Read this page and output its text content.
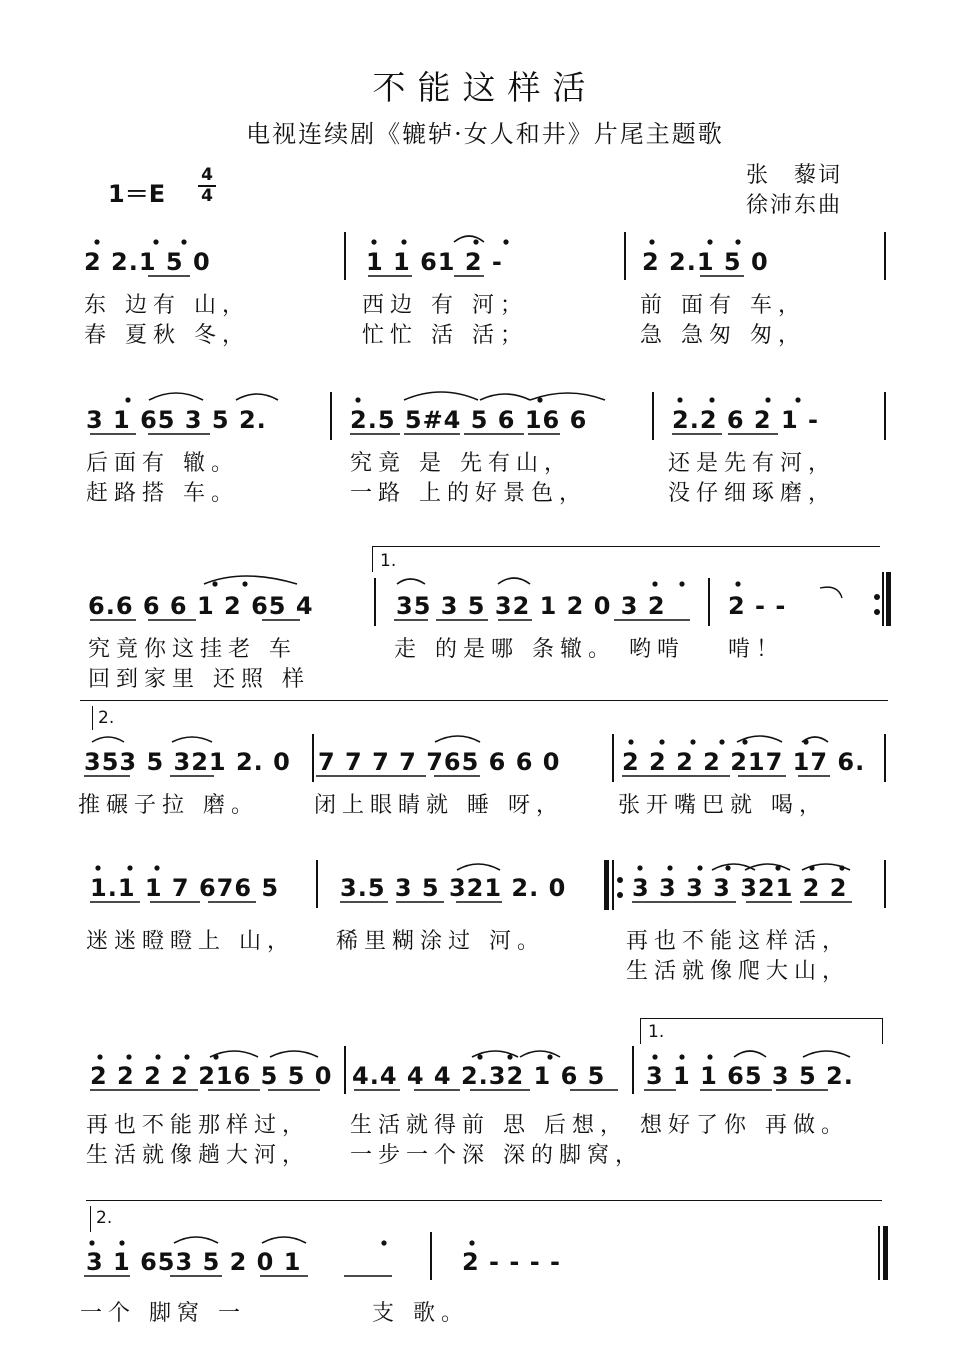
不能这样活
电视连续剧《辘轳·女人和井》片尾主题歌
1＝E
4
4
张　藜词
徐沛东曲
2 2.1 5 0	1 1 61 2 -	2 2.1 5 0
东 边有 山，	西边 有 河；	前 面有 车，
春 夏秋 冬，	忙忙 活 活；	急 急匆 匆，
3 1 65 3 5 2.	2.5 5#4 5 6 16 6	2.2 6 2 1 -
后面有 辙。	究竟 是 先有山，	还是先有河，
赶路搭 车。	一路 上的好景色，	没仔细琢磨，
1.
6.6 6 6 1 2 65 4	35 3 5 32 1 2 0 3 2	2 - -
究竟你这挂老 车	走 的是哪 条辙。 哟啃 啃！
回到家里 还照 样
2.
353 5 321 2. 0 7 7 7 7 765 6 6 0	2 2 2 2 217 17 6.
推碾子拉 磨。	闭上眼睛就 睡 呀， 张开嘴巴就 喝，
1.1 1 7 676 5	3.5 3 5 321 2. 0	3 3 3 3 321 2 2
迷迷瞪瞪上 山， 稀里糊涂过 河。	再也不能这样活，
生活就像爬大山，
1.
2 2 2 2 216 5 5 0 4.4 4 4 2.32 1 6 5 3 1 1 65 3 5 2.
再也不能那样过， 生活就得前 思 后想， 想好了你 再做。
生活就像趟大河， 一步一个深 深的脚窝，
2.
3 1 653 5 2 0 1	2 - - - -
一个 脚窝 一	支 歌。
